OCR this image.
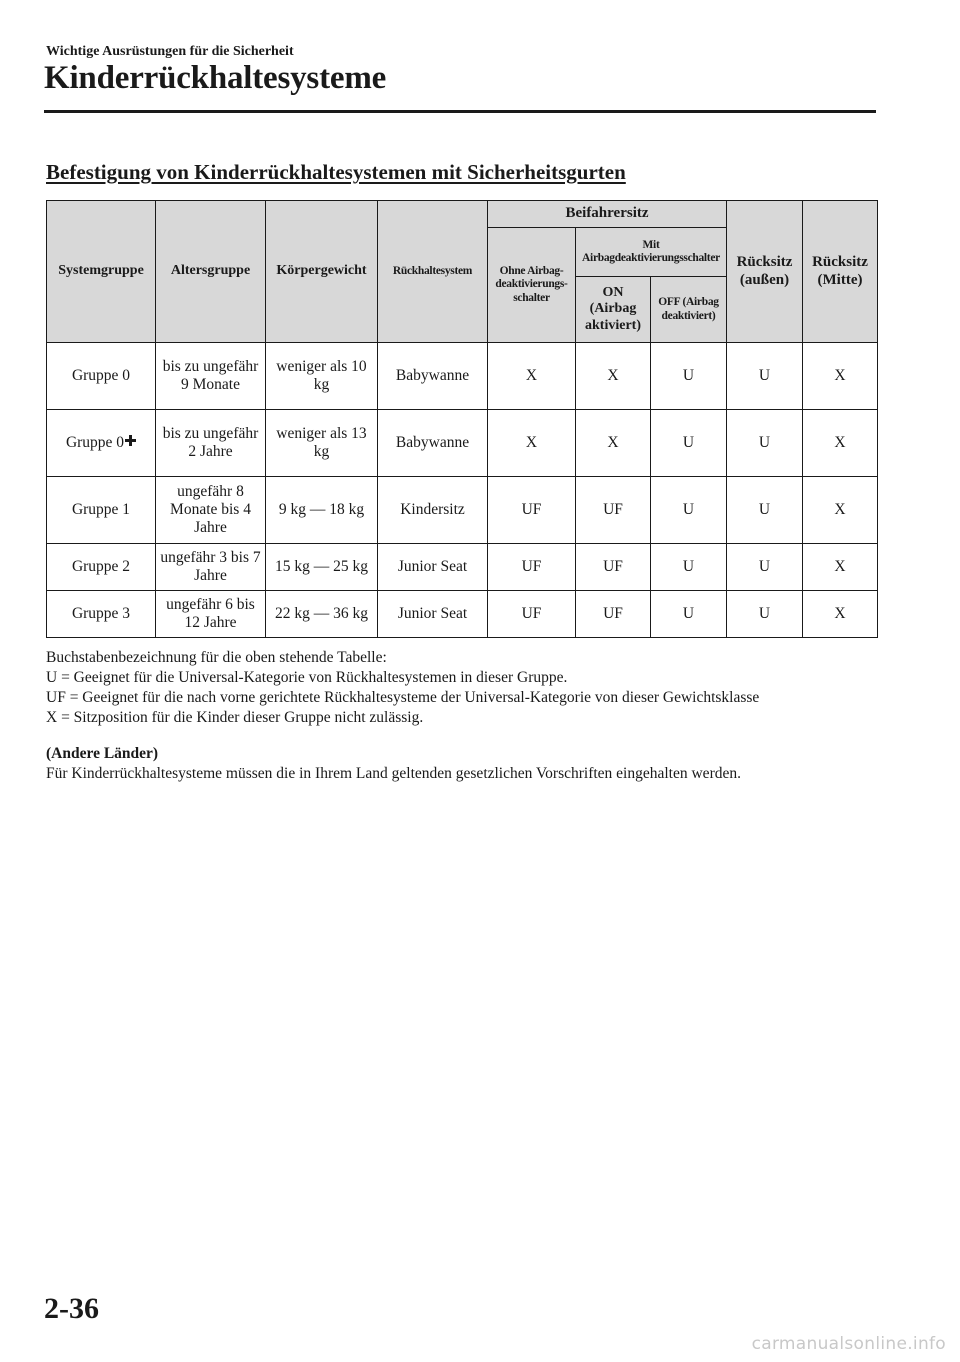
Wichtige Ausrüstungen für die Sicherheit
Kinderrückhaltesysteme
Befestigung von Kinderrückhaltesystemen mit Sicherheitsgurten
Systemgruppe	Altersgruppe	Körpergewicht	Rückhaltesystem	Beifahrersitz			Rücksitz (außen)	Rücksitz (Mitte)
				Ohne Airbag-deaktivierungs-schalter	Mit Airbagdeaktivierungsschalter			
					ON (Airbag aktiviert)	OFF (Airbag deaktiviert)		
Gruppe 0	bis zu ungefähr 9 Monate	weniger als 10 kg	Babywanne	X	X	U	U	X
Gruppe 0	bis zu ungefähr 2 Jahre	weniger als 13 kg	Babywanne	X	X	U	U	X
Gruppe 1	ungefähr 8 Monate bis 4 Jahre	9 kg — 18 kg	Kindersitz	UF	UF	U	U	X
Gruppe 2	ungefähr 3 bis 7 Jahre	15 kg — 25 kg	Junior Seat	UF	UF	U	U	X
Gruppe 3	ungefähr 6 bis 12 Jahre	22 kg — 36 kg	Junior Seat	UF	UF	U	U	X
Buchstabenbezeichnung für die oben stehende Tabelle:
U = Geeignet für die Universal-Kategorie von Rückhaltesystemen in dieser Gruppe.
UF = Geeignet für die nach vorne gerichtete Rückhaltesysteme der Universal-Kategorie von dieser Gewichtsklasse
X = Sitzposition für die Kinder dieser Gruppe nicht zulässig.
(Andere Länder)
Für Kinderrückhaltesysteme müssen die in Ihrem Land geltenden gesetzlichen Vorschriften eingehalten werden.
2-36
carmanualsonline.info
